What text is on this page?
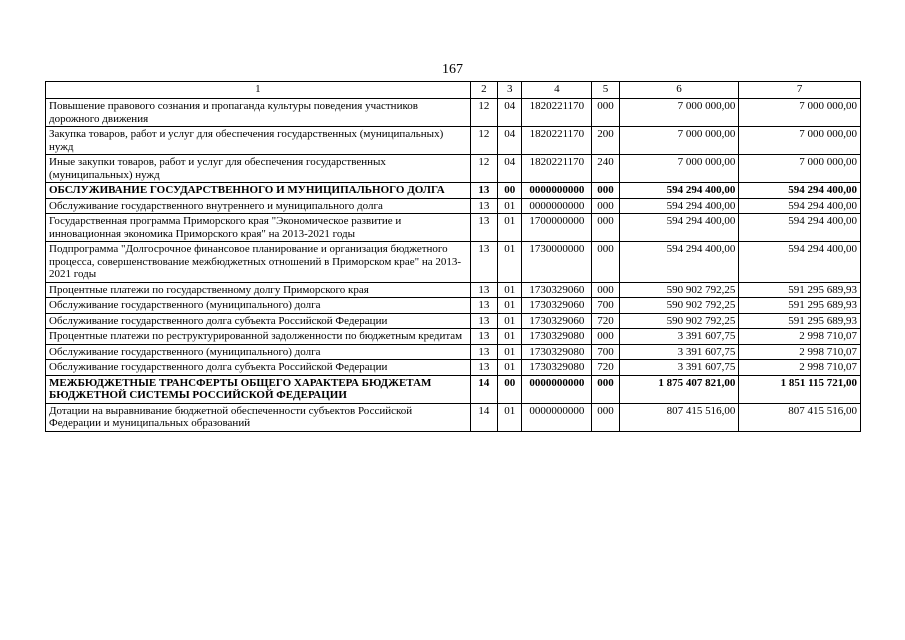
167
1	2	3	4	5	6	7
Повышение правового сознания и пропаганда культуры поведения участников дорожного движения	12	04	1820221170	000	7 000 000,00	7 000 000,00
Закупка товаров, работ и услуг для обеспечения государственных (муниципальных) нужд	12	04	1820221170	200	7 000 000,00	7 000 000,00
Иные закупки товаров, работ и услуг для обеспечения государственных (муниципальных) нужд	12	04	1820221170	240	7 000 000,00	7 000 000,00
ОБСЛУЖИВАНИЕ ГОСУДАРСТВЕННОГО И МУНИЦИПАЛЬНОГО ДОЛГА	13	00	0000000000	000	594 294 400,00	594 294 400,00
Обслуживание государственного внутреннего и муниципального долга	13	01	0000000000	000	594 294 400,00	594 294 400,00
Государственная программа Приморского края "Экономическое развитие и инновационная экономика Приморского края" на 2013-2021 годы	13	01	1700000000	000	594 294 400,00	594 294 400,00
Подпрограмма "Долгосрочное финансовое планирование и организация бюджетного процесса, совершенствование межбюджетных отношений в Приморском крае" на 2013-2021 годы	13	01	1730000000	000	594 294 400,00	594 294 400,00
Процентные платежи по государственному долгу Приморского края	13	01	1730329060	000	590 902 792,25	591 295 689,93
Обслуживание государственного (муниципального) долга	13	01	1730329060	700	590 902 792,25	591 295 689,93
Обслуживание государственного долга субъекта Российской Федерации	13	01	1730329060	720	590 902 792,25	591 295 689,93
Процентные платежи по реструктурированной задолженности по бюджетным кредитам	13	01	1730329080	000	3 391 607,75	2 998 710,07
Обслуживание государственного (муниципального) долга	13	01	1730329080	700	3 391 607,75	2 998 710,07
Обслуживание государственного долга субъекта Российской Федерации	13	01	1730329080	720	3 391 607,75	2 998 710,07
МЕЖБЮДЖЕТНЫЕ ТРАНСФЕРТЫ ОБЩЕГО ХАРАКТЕРА БЮДЖЕТАМ БЮДЖЕТНОЙ СИСТЕМЫ РОССИЙСКОЙ ФЕДЕРАЦИИ	14	00	0000000000	000	1 875 407 821,00	1 851 115 721,00
Дотации на выравнивание бюджетной обеспеченности субъектов Российской Федерации и муниципальных образований	14	01	0000000000	000	807 415 516,00	807 415 516,00
